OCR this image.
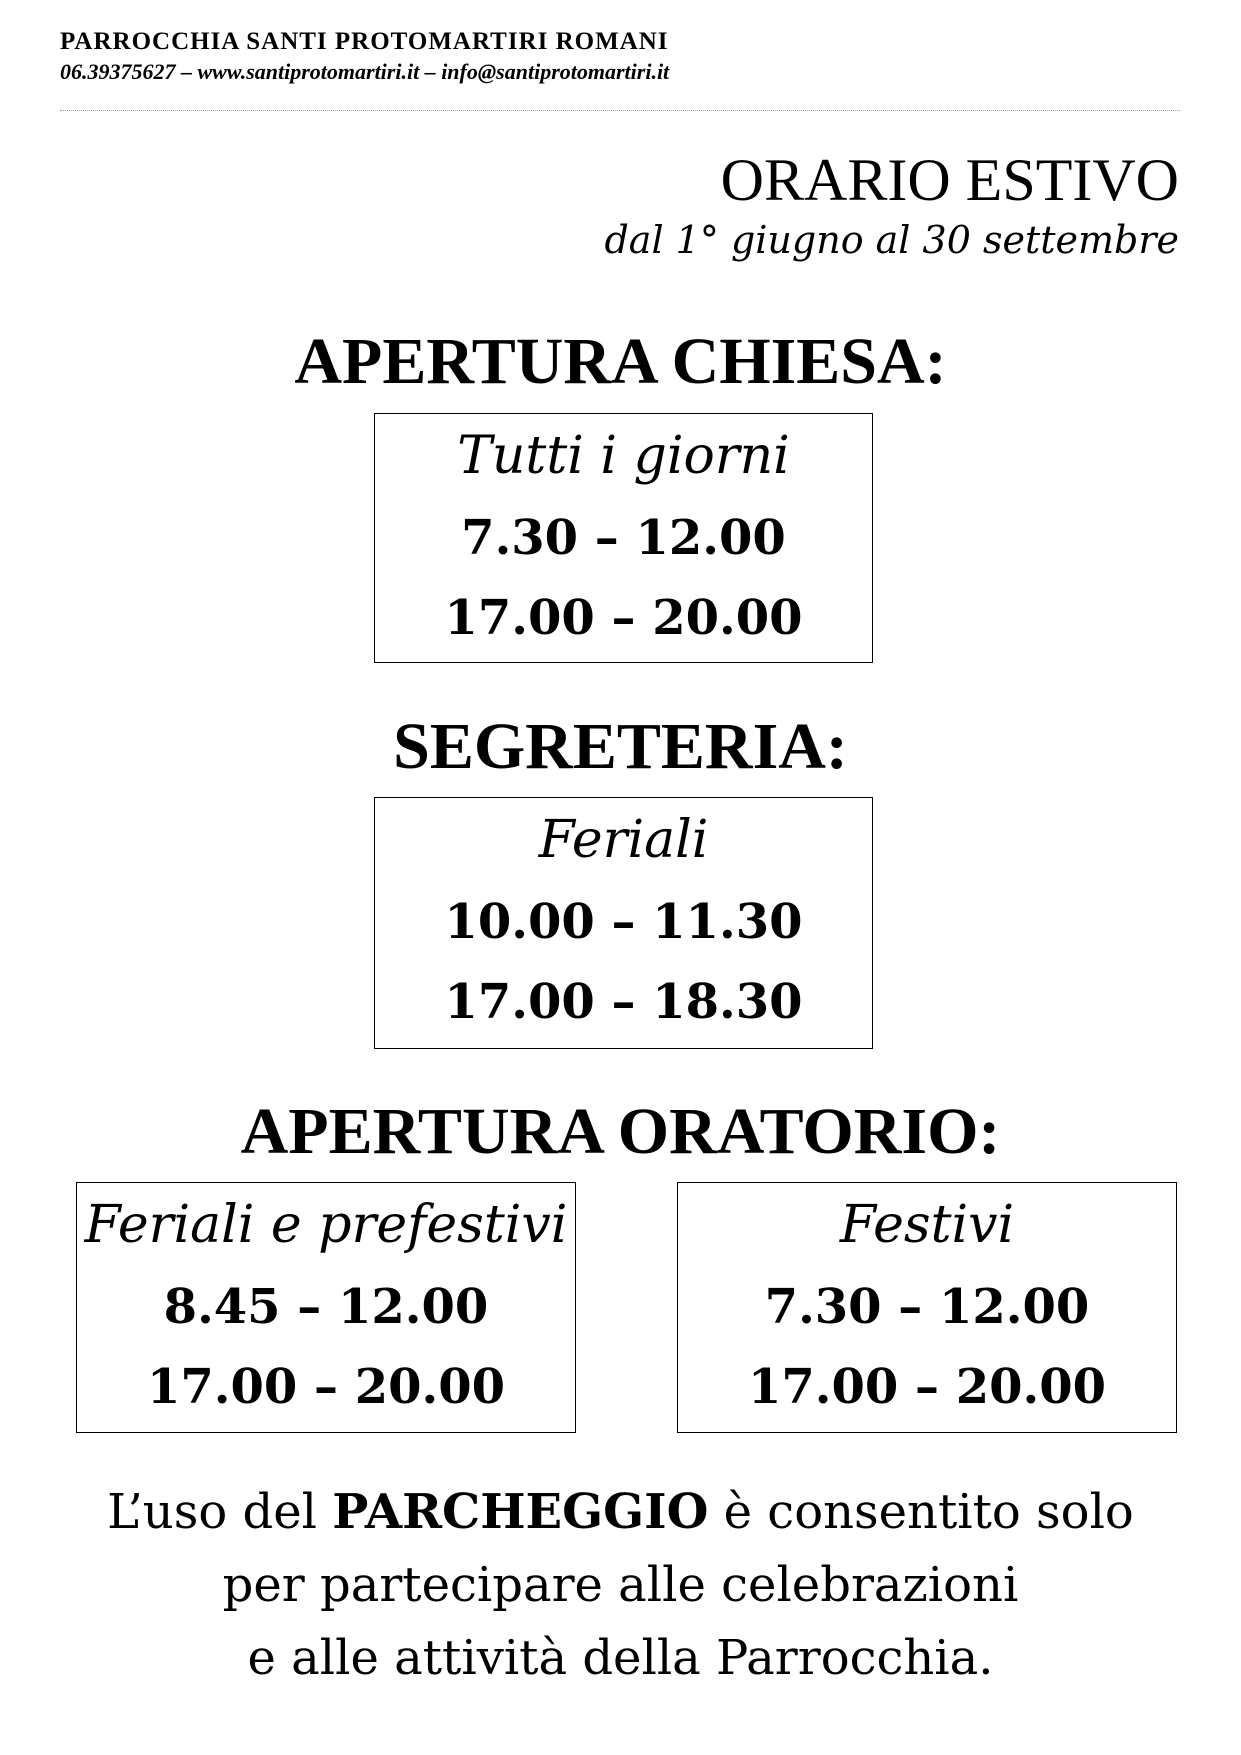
PARROCCHIA SANTI PROTOMARTIRI ROMANI
06.39375627 – www.santiprotomartiri.it – info@santiprotomartiri.it
ORARIO ESTIVO
dal 1° giugno al 30 settembre
APERTURA CHIESA:
Tutti i giorni
7.30 – 12.00
17.00 – 20.00
SEGRETERIA:
Feriali
10.00 – 11.30
17.00 – 18.30
APERTURA ORATORIO:
Feriali e prefestivi
8.45 – 12.00
17.00 – 20.00
Festivi
7.30 – 12.00
17.00 – 20.00
L’uso del PARCHEGGIO è consentito solo
per partecipare alle celebrazioni
e alle attività della Parrocchia.
